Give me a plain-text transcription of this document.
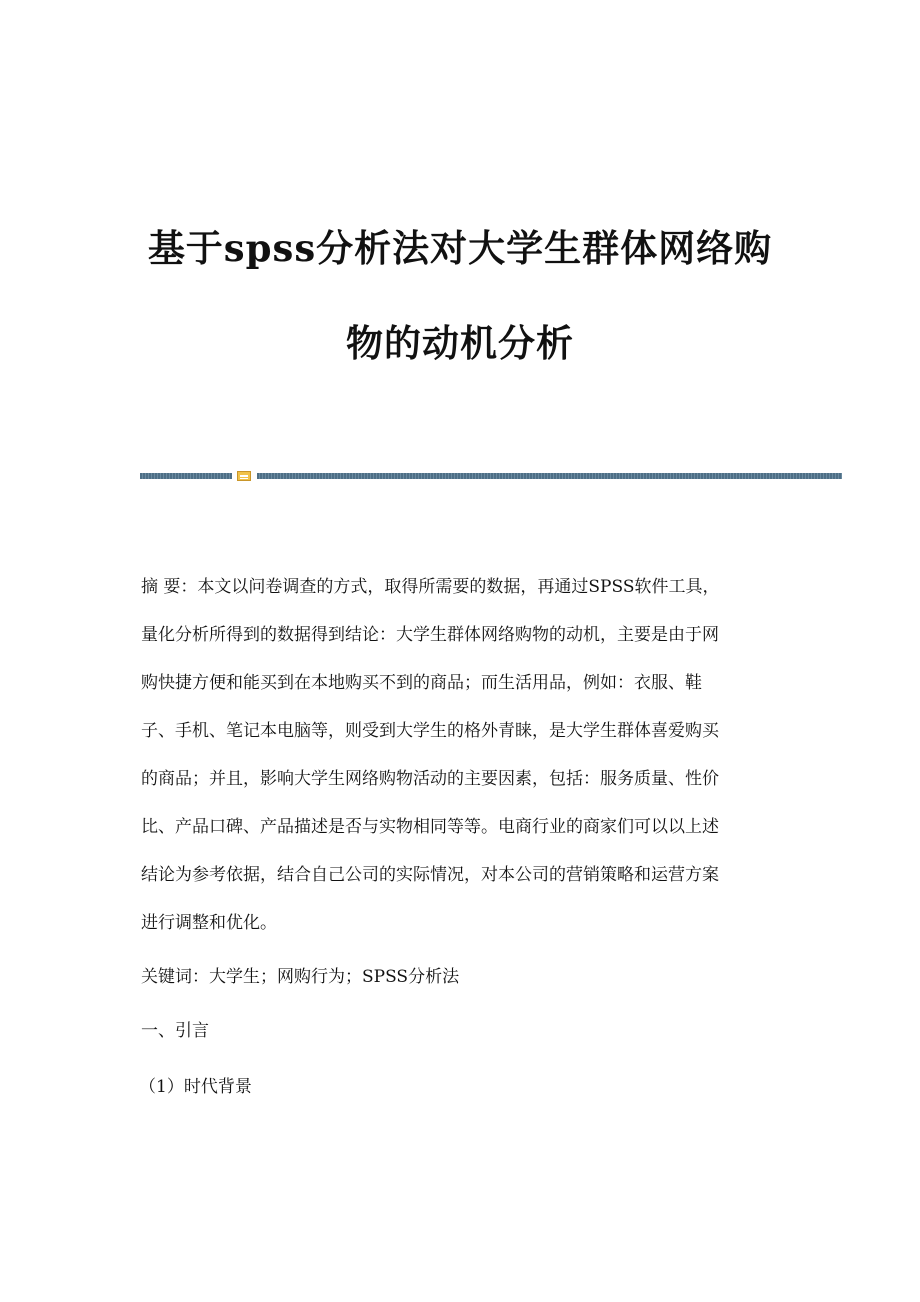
基于spss分析法对大学生群体网络购
物的动机分析
摘 要：本文以问卷调查的方式，取得所需要的数据，再通过SPSS软件工具，
量化分析所得到的数据得到结论：大学生群体网络购物的动机，主要是由于网
购快捷方便和能买到在本地购买不到的商品；而生活用品，例如：衣服、鞋
子、手机、笔记本电脑等，则受到大学生的格外青睐，是大学生群体喜爱购买
的商品；并且，影响大学生网络购物活动的主要因素，包括：服务质量、性价
比、产品口碑、产品描述是否与实物相同等等。电商行业的商家们可以以上述
结论为参考依据，结合自己公司的实际情况，对本公司的营销策略和运营方案
进行调整和优化。
关键词：大学生；网购行为；SPSS分析法
一、引言
（1）时代背景
